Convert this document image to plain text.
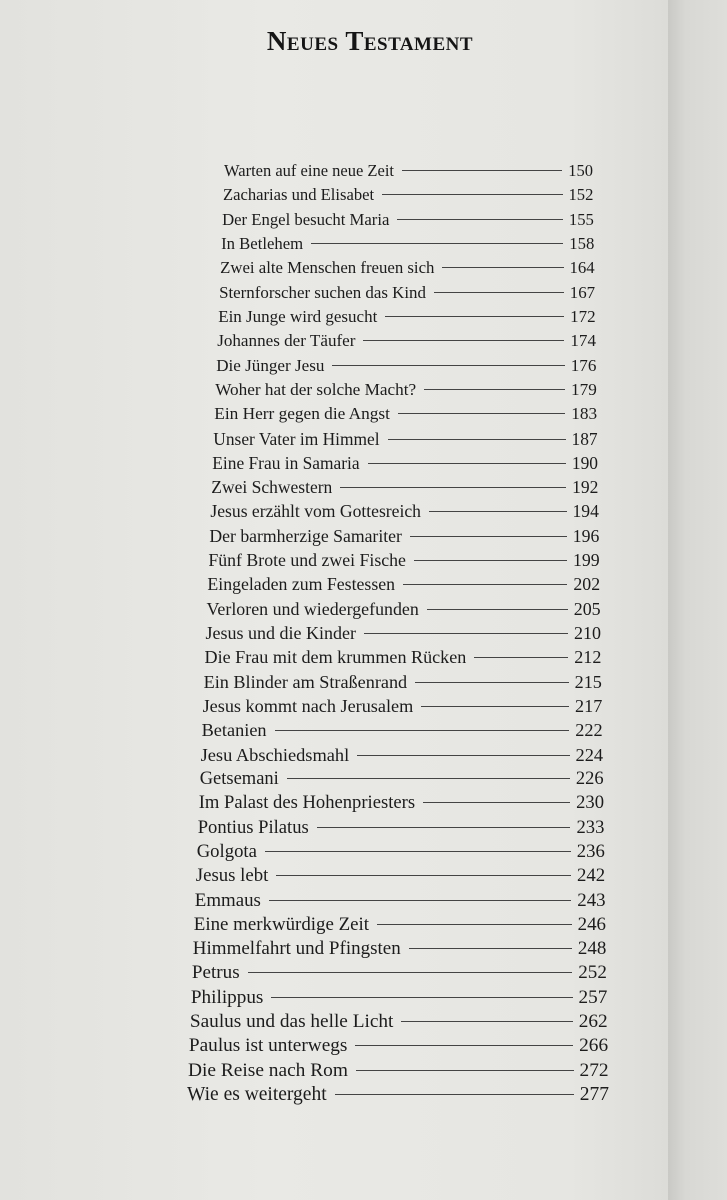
Neues Testament
Warten auf eine neue Zeit	150
Zacharias und Elisabet	152
Der Engel besucht Maria	155
In Betlehem	158
Zwei alte Menschen freuen sich	164
Sternforscher suchen das Kind	167
Ein Junge wird gesucht	172
Johannes der Täufer	174
Die Jünger Jesu	176
Woher hat der solche Macht?	179
Ein Herr gegen die Angst	183
Unser Vater im Himmel	187
Eine Frau in Samaria	190
Zwei Schwestern	192
Jesus erzählt vom Gottesreich	194
Der barmherzige Samariter	196
Fünf Brote und zwei Fische	199
Eingeladen zum Festessen	202
Verloren und wiedergefunden	205
Jesus und die Kinder	210
Die Frau mit dem krummen Rücken	212
Ein Blinder am Straßenrand	215
Jesus kommt nach Jerusalem	217
Betanien	222
Jesu Abschiedsmahl	224
Getsemani	226
Im Palast des Hohenpriesters	230
Pontius Pilatus	233
Golgota	236
Jesus lebt	242
Emmaus	243
Eine merkwürdige Zeit	246
Himmelfahrt und Pfingsten	248
Petrus	252
Philippus	257
Saulus und das helle Licht	262
Paulus ist unterwegs	266
Die Reise nach Rom	272
Wie es weitergeht	277
